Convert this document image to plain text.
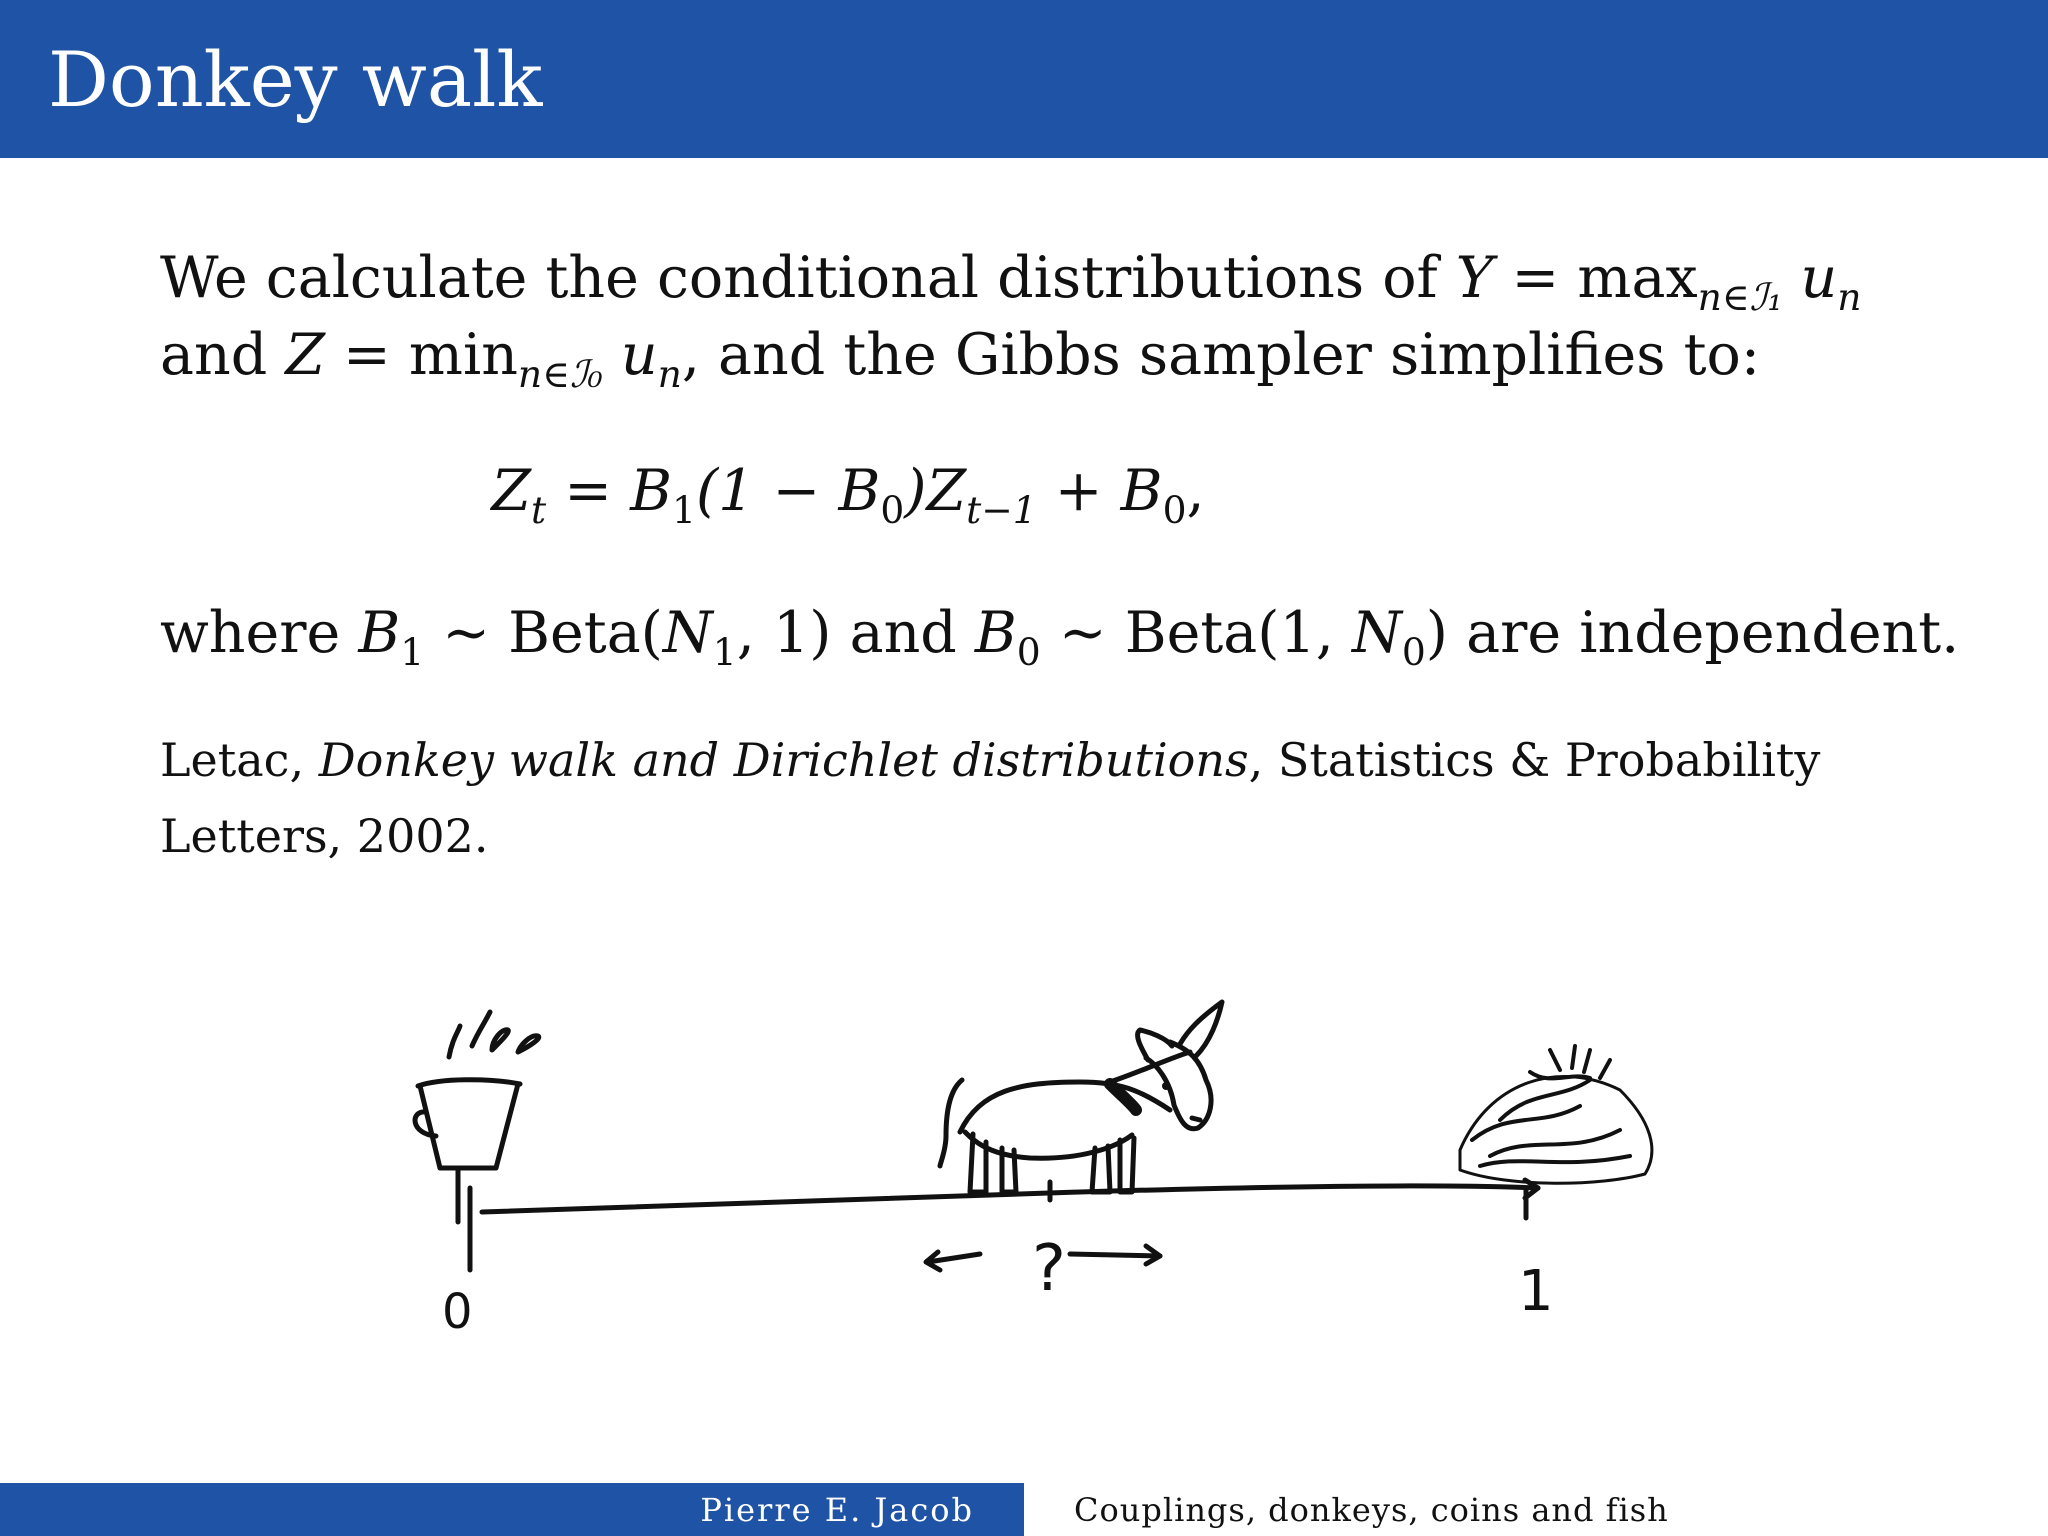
Donkey walk

We calculate the conditional distributions of $Y = \max_{n\in ℐ_1} u_n$

and $Z = \min_{n\in ℐ_0} u_n$, and the Gibbs sampler simplifies to:

$Z_t = B_1(1 - B_0)Z_{t-1} + B_0$,

where $B_1$ ~ $Beta(N_1$, 1) and $B_0$ ~ Beta(1, $N_0$) are independent.

Letac, Donkey walk and Dirichlet distributions, Statistics & Probability Letters, 2002.
0	1
?
Pierre E. Jacob	Couplings, donkeys, coins and fish
